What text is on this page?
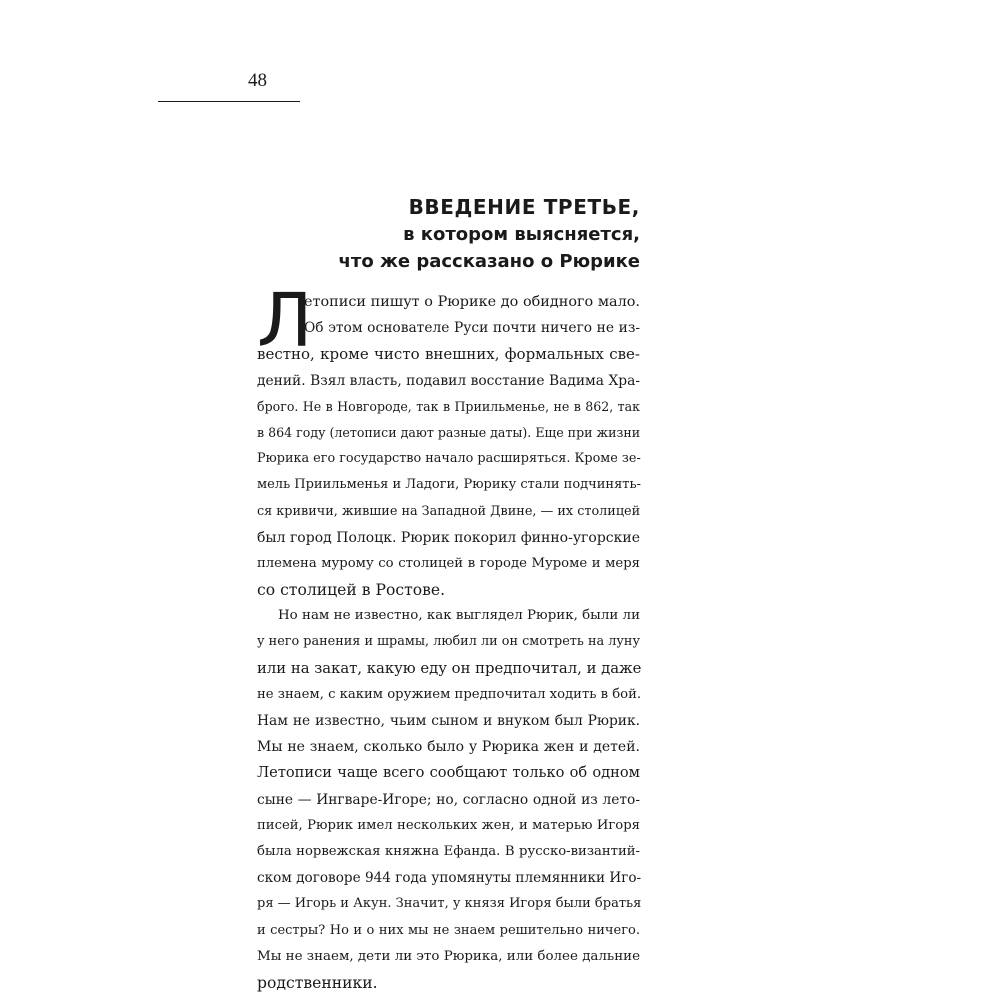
48
ВВЕДЕНИЕ ТРЕТЬЕ,
в котором выясняется,
что же рассказано о Рюрике
Л
етописи пишут о Рюрике до обидного мало.
Об этом основателе Руси почти ничего не из-
вестно, кроме чисто внешних, формальных све-
дений. Взял власть, подавил восстание Вадима Хра-
брого. Не в Новгороде, так в Приильменье, не в 862, так
в 864 году (летописи дают разные даты). Еще при жизни
Рюрика его государство начало расширяться. Кроме зе-
мель Приильменья и Ладоги, Рюрику стали подчинять-
ся кривичи, жившие на Западной Двине, — их столицей
был город Полоцк. Рюрик покорил финно-угорские
племена мурому со столицей в городе Муроме и меря
со столицей в Ростове.
Но нам не известно, как выглядел Рюрик, были ли
у него ранения и шрамы, любил ли он смотреть на луну
или на закат, какую еду он предпочитал, и даже
не знаем, с каким оружием предпочитал ходить в бой.
Нам не известно, чьим сыном и внуком был Рюрик.
Мы не знаем, сколько было у Рюрика жен и детей.
Летописи чаще всего сообщают только об одном
сыне — Ингваре-Игоре; но, согласно одной из лето-
писей, Рюрик имел нескольких жен, и матерью Игоря
была норвежская княжна Ефанда. В русско-византий-
ском договоре 944 года упомянуты племянники Иго-
ря — Игорь и Акун. Значит, у князя Игоря были братья
и сестры? Но и о них мы не знаем решительно ничего.
Мы не знаем, дети ли это Рюрика, или более дальние
родственники.
